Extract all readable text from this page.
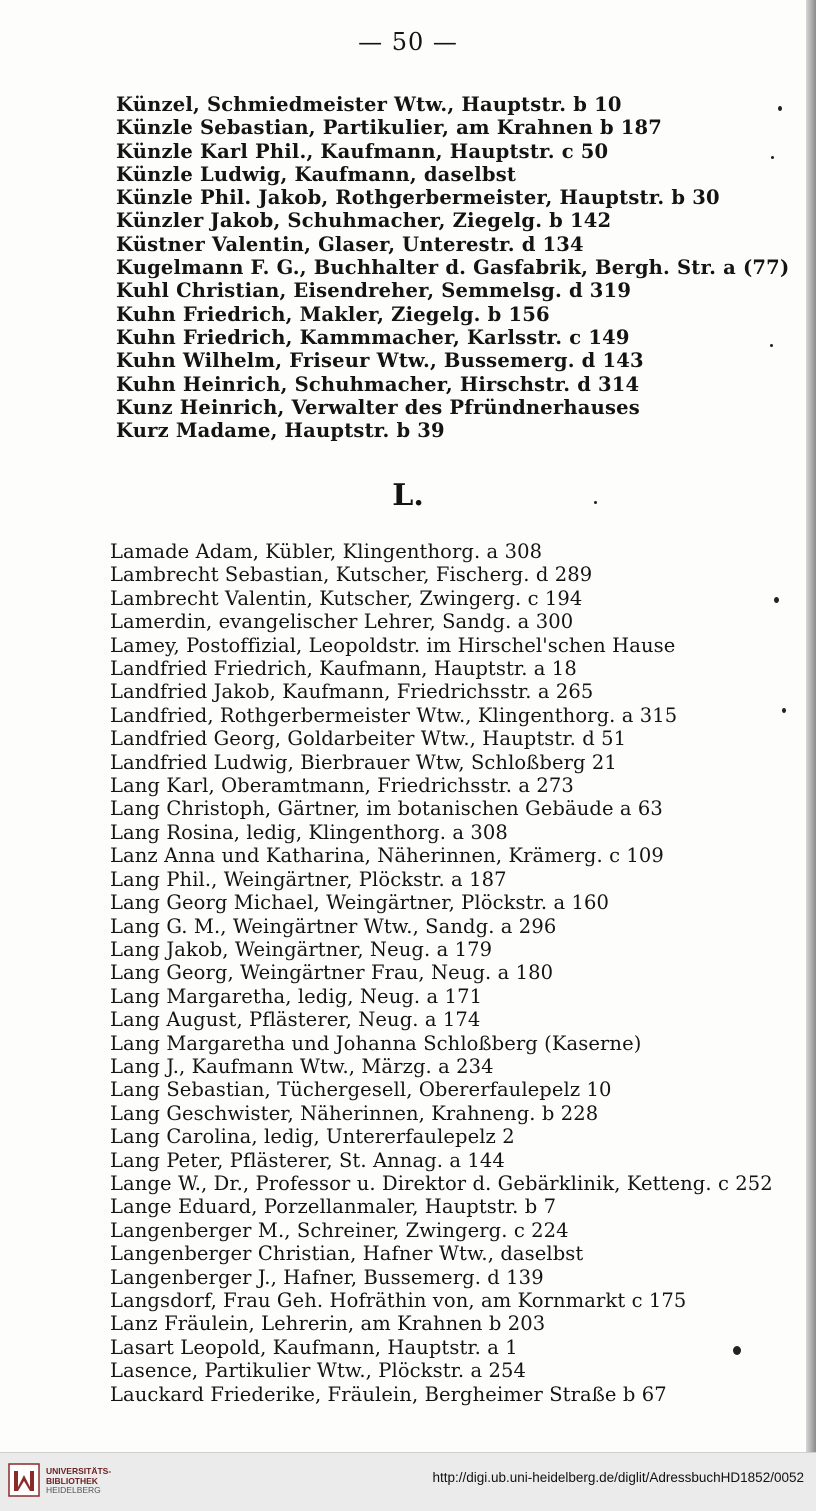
— 50 —
Künzel, Schmiedmeister Wtw., Hauptstr. b 10
Künzle Sebastian, Partikulier, am Krahnen b 187
Künzle Karl Phil., Kaufmann, Hauptstr. c 50
Künzle Ludwig, Kaufmann, daselbst
Künzle Phil. Jakob, Rothgerbermeister, Hauptstr. b 30
Künzler Jakob, Schuhmacher, Ziegelg. b 142
Küstner Valentin, Glaser, Unterestr. d 134
Kugelmann F. G., Buchhalter d. Gasfabrik, Bergh. Str. a (77)
Kuhl Christian, Eisendreher, Semmelsg. d 319
Kuhn Friedrich, Makler, Ziegelg. b 156
Kuhn Friedrich, Kammmacher, Karlsstr. c 149
Kuhn Wilhelm, Friseur Wtw., Bussemerg. d 143
Kuhn Heinrich, Schuhmacher, Hirschstr. d 314
Kunz Heinrich, Verwalter des Pfründnerhauses
Kurz Madame, Hauptstr. b 39
L.
Lamade Adam, Kübler, Klingenthorg. a 308
Lambrecht Sebastian, Kutscher, Fischerg. d 289
Lambrecht Valentin, Kutscher, Zwingerg. c 194
Lamerdin, evangelischer Lehrer, Sandg. a 300
Lamey, Postoffizial, Leopoldstr. im Hirschel'schen Hause
Landfried Friedrich, Kaufmann, Hauptstr. a 18
Landfried Jakob, Kaufmann, Friedrichsstr. a 265
Landfried, Rothgerbermeister Wtw., Klingenthorg. a 315
Landfried Georg, Goldarbeiter Wtw., Hauptstr. d 51
Landfried Ludwig, Bierbrauer Wtw, Schloßberg 21
Lang Karl, Oberamtmann, Friedrichsstr. a 273
Lang Christoph, Gärtner, im botanischen Gebäude a 63
Lang Rosina, ledig, Klingenthorg. a 308
Lanz Anna und Katharina, Näherinnen, Krämerg. c 109
Lang Phil., Weingärtner, Plöckstr. a 187
Lang Georg Michael, Weingärtner, Plöckstr. a 160
Lang G. M., Weingärtner Wtw., Sandg. a 296
Lang Jakob, Weingärtner, Neug. a 179
Lang Georg, Weingärtner Frau, Neug. a 180
Lang Margaretha, ledig, Neug. a 171
Lang August, Pflästerer, Neug. a 174
Lang Margaretha und Johanna Schloßberg (Kaserne)
Lang J., Kaufmann Wtw., Märzg. a 234
Lang Sebastian, Tüchergesell, Obererfaulepelz 10
Lang Geschwister, Näherinnen, Krahneng. b 228
Lang Carolina, ledig, Untererfaulepelz 2
Lang Peter, Pflästerer, St. Annag. a 144
Lange W., Dr., Professor u. Direktor d. Gebärklinik, Ketteng. c 252
Lange Eduard, Porzellanmaler, Hauptstr. b 7
Langenberger M., Schreiner, Zwingerg. c 224
Langenberger Christian, Hafner Wtw., daselbst
Langenberger J., Hafner, Bussemerg. d 139
Langsdorf, Frau Geh. Hofräthin von, am Kornmarkt c 175
Lanz Fräulein, Lehrerin, am Krahnen b 203
Lasart Leopold, Kaufmann, Hauptstr. a 1
Lasence, Partikulier Wtw., Plöckstr. a 254
Lauckard Friederike, Fräulein, Bergheimer Straße b 67
UNIVERSITÄTS-
BIBLIOTHEK
HEIDELBERG
http://digi.ub.uni-heidelberg.de/diglit/AdressbuchHD1852/0052
